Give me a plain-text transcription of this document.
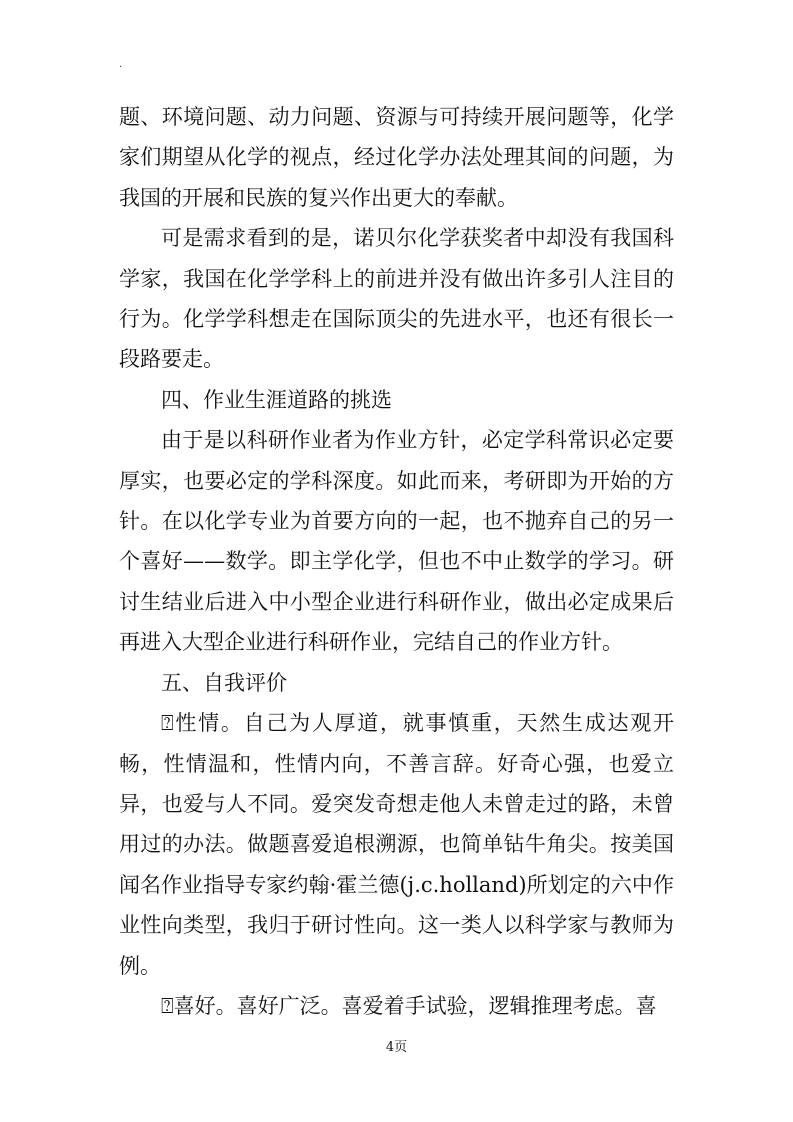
.

题、环境问题、动力问题、资源与可持续开展问题等，化学家们期望从化学的视点，经过化学办法处理其间的问题，为我国的开展和民族的复兴作出更大的奉献。

可是需求看到的是，诺贝尔化学获奖者中却没有我国科学家，我国在化学学科上的前进并没有做出许多引人注目的行为。化学学科想走在国际顶尖的先进水平，也还有很长一段路要走。

四、作业生涯道路的挑选

由于是以科研作业者为作业方针，必定学科常识必定要厚实，也要必定的学科深度。如此而来，考研即为开始的方针。在以化学专业为首要方向的一起，也不抛弃自己的另一个喜好——数学。即主学化学，但也不中止数学的学习。研讨生结业后进入中小型企业进行科研作业，做出必定成果后再进入大型企业进行科研作业，完结自己的作业方针。

五、自我评价

⍰性情。自己为人厚道，就事慎重，天然生成达观开畅，性情温和，性情内向，不善言辞。好奇心强，也爱立异，也爱与人不同。爱突发奇想走他人未曾走过的路，未曾用过的办法。做题喜爱追根溯源，也简单钻牛角尖。按美国闻名作业指导专家约翰·霍兰德(j.c.holland)所划定的六中作业性向类型，我归于研讨性向。这一类人以科学家与教师为例。

⍰喜好。喜好广泛。喜爱着手试验，逻辑推理考虑。喜

4页
